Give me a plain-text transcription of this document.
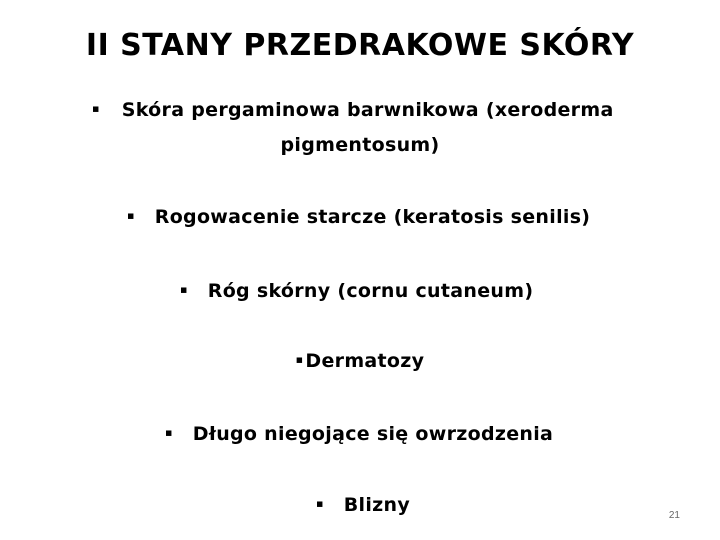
II STANY PRZEDRAKOWE SKÓRY
▪ Skóra pergaminowa barwnikowa (xeroderma
pigmentosum)
▪ Rogowacenie starcze (keratosis senilis)
▪ Róg skórny (cornu cutaneum)
▪ Dermatozy
▪ Długo niegojące się owrzodzenia
▪ Blizny	21
